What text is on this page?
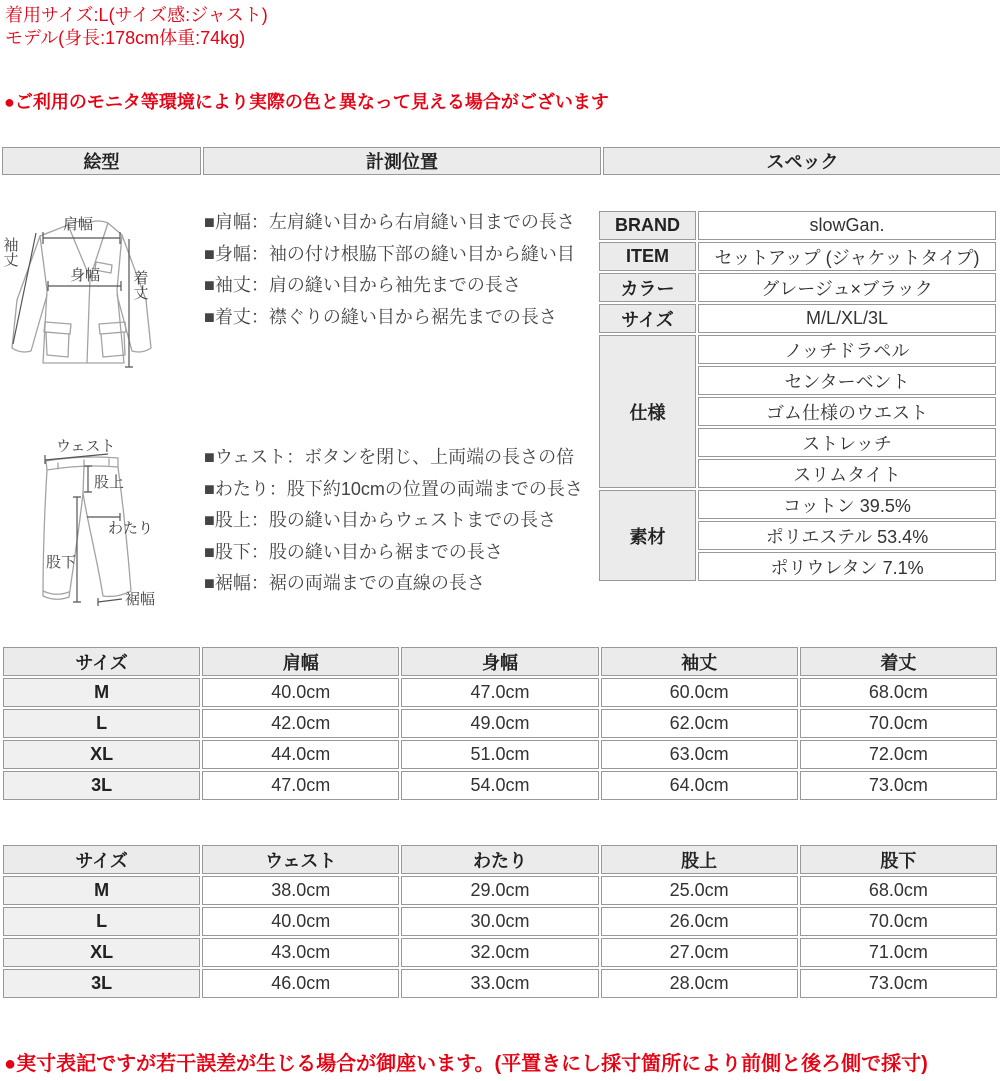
着用サイズ:L(サイズ感:ジャスト)
モデル(身長:178cm体重:74kg)
●ご利用のモニタ等環境により実際の色と異なって見える場合がございます
絵型	計測位置	スペック
肩幅
袖丈
身幅 着丈
ウェスト
股上
わたり
股下
裾幅
■肩幅：左肩縫い目から右肩縫い目までの長さ
■身幅：袖の付け根脇下部の縫い目から縫い目
■袖丈：肩の縫い目から袖先までの長さ
■着丈：襟ぐりの縫い目から裾先までの長さ
■ウェスト：ボタンを閉じ、上両端の長さの倍
■わたり：股下約10cmの位置の両端までの長さ
■股上：股の縫い目からウェストまでの長さ
■股下：股の縫い目から裾までの長さ
■裾幅：裾の両端までの直線の長さ
BRAND	slowGan.
ITEM	セットアップ (ジャケットタイプ)
カラー	グレージュ×ブラック
サイズ	M/L/XL/3L
仕様	ノッチドラペル
	センターベント
	ゴム仕様のウエスト
	ストレッチ
	スリムタイト
素材	コットン 39.5%
	ポリエステル 53.4%
	ポリウレタン 7.1%
サイズ	肩幅	身幅	袖丈	着丈
M	40.0cm	47.0cm	60.0cm	68.0cm
L	42.0cm	49.0cm	62.0cm	70.0cm
XL	44.0cm	51.0cm	63.0cm	72.0cm
3L	47.0cm	54.0cm	64.0cm	73.0cm
サイズ	ウェスト	わたり	股上	股下
M	38.0cm	29.0cm	25.0cm	68.0cm
L	40.0cm	30.0cm	26.0cm	70.0cm
XL	43.0cm	32.0cm	27.0cm	71.0cm
3L	46.0cm	33.0cm	28.0cm	73.0cm
●実寸表記ですが若干誤差が生じる場合が御座います。(平置きにし採寸箇所により前側と後ろ側で採寸)
